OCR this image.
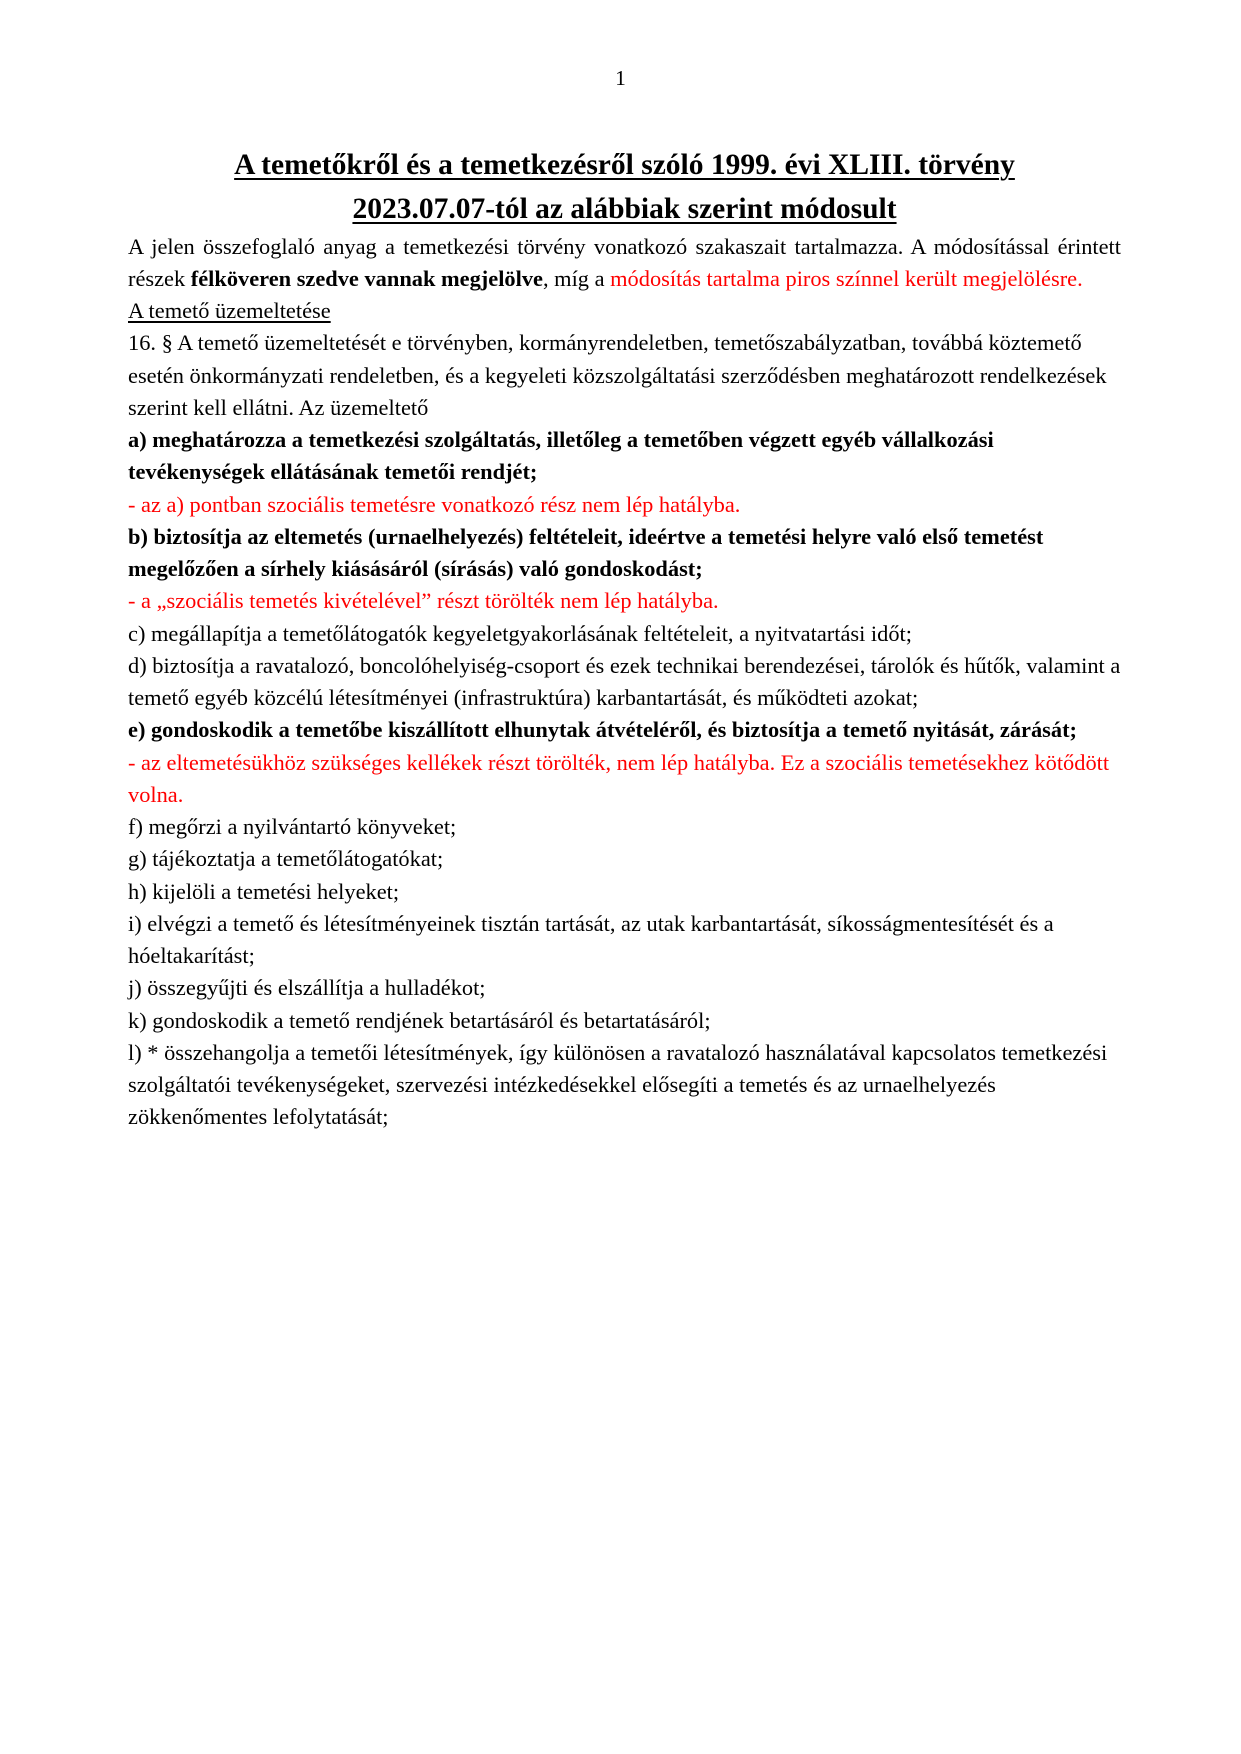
1
A temetőkről és a temetkezésről szóló 1999. évi XLIII. törvény
2023.07.07-tól az alábbiak szerint módosult

A jelen összefoglaló anyag a temetkezési törvény vonatkozó szakaszait tartalmazza. A módosítással érintett részek félköveren szedve vannak megjelölve, míg a módosítás tartalma piros színnel került megjelölésre.

A temető üzemeltetése

16. § A temető üzemeltetését e törvényben, kormányrendeletben, temetőszabályzatban, továbbá köztemető esetén önkormányzati rendeletben, és a kegyeleti közszolgáltatási szerződésben meghatározott rendelkezések szerint kell ellátni. Az üzemeltető

a) meghatározza a temetkezési szolgáltatás, illetőleg a temetőben végzett egyéb vállalkozási tevékenységek ellátásának temetői rendjét;

- az a) pontban szociális temetésre vonatkozó rész nem lép hatályba.

b) biztosítja az eltemetés (urnaelhelyezés) feltételeit, ideértve a temetési helyre való első temetést megelőzően a sírhely kiásásáról (sírásás) való gondoskodást;

- a „szociális temetés kivételével” részt törölték nem lép hatályba.

c) megállapítja a temetőlátogatók kegyeletgyakorlásának feltételeit, a nyitvatartási időt;

d) biztosítja a ravatalozó, boncolóhelyiség-csoport és ezek technikai berendezései, tárolók és hűtők, valamint a temető egyéb közcélú létesítményei (infrastruktúra) karbantartását, és működteti azokat;

e) gondoskodik a temetőbe kiszállított elhunytak átvételéről, és biztosítja a temető nyitását, zárását;

- az eltemetésükhöz szükséges kellékek részt törölték, nem lép hatályba. Ez a szociális temetésekhez kötődött volna.

f) megőrzi a nyilvántartó könyveket;

g) tájékoztatja a temetőlátogatókat;

h) kijelöli a temetési helyeket;

i) elvégzi a temető és létesítményeinek tisztán tartását, az utak karbantartását, síkosságmentesítését és a hóeltakarítást;

j) összegyűjti és elszállítja a hulladékot;

k) gondoskodik a temető rendjének betartásáról és betartatásáról;

l) * összehangolja a temetői létesítmények, így különösen a ravatalozó használatával kapcsolatos temetkezési szolgáltatói tevékenységeket, szervezési intézkedésekkel elősegíti a temetés és az urnaelhelyezés zökkenőmentes lefolytatását;
